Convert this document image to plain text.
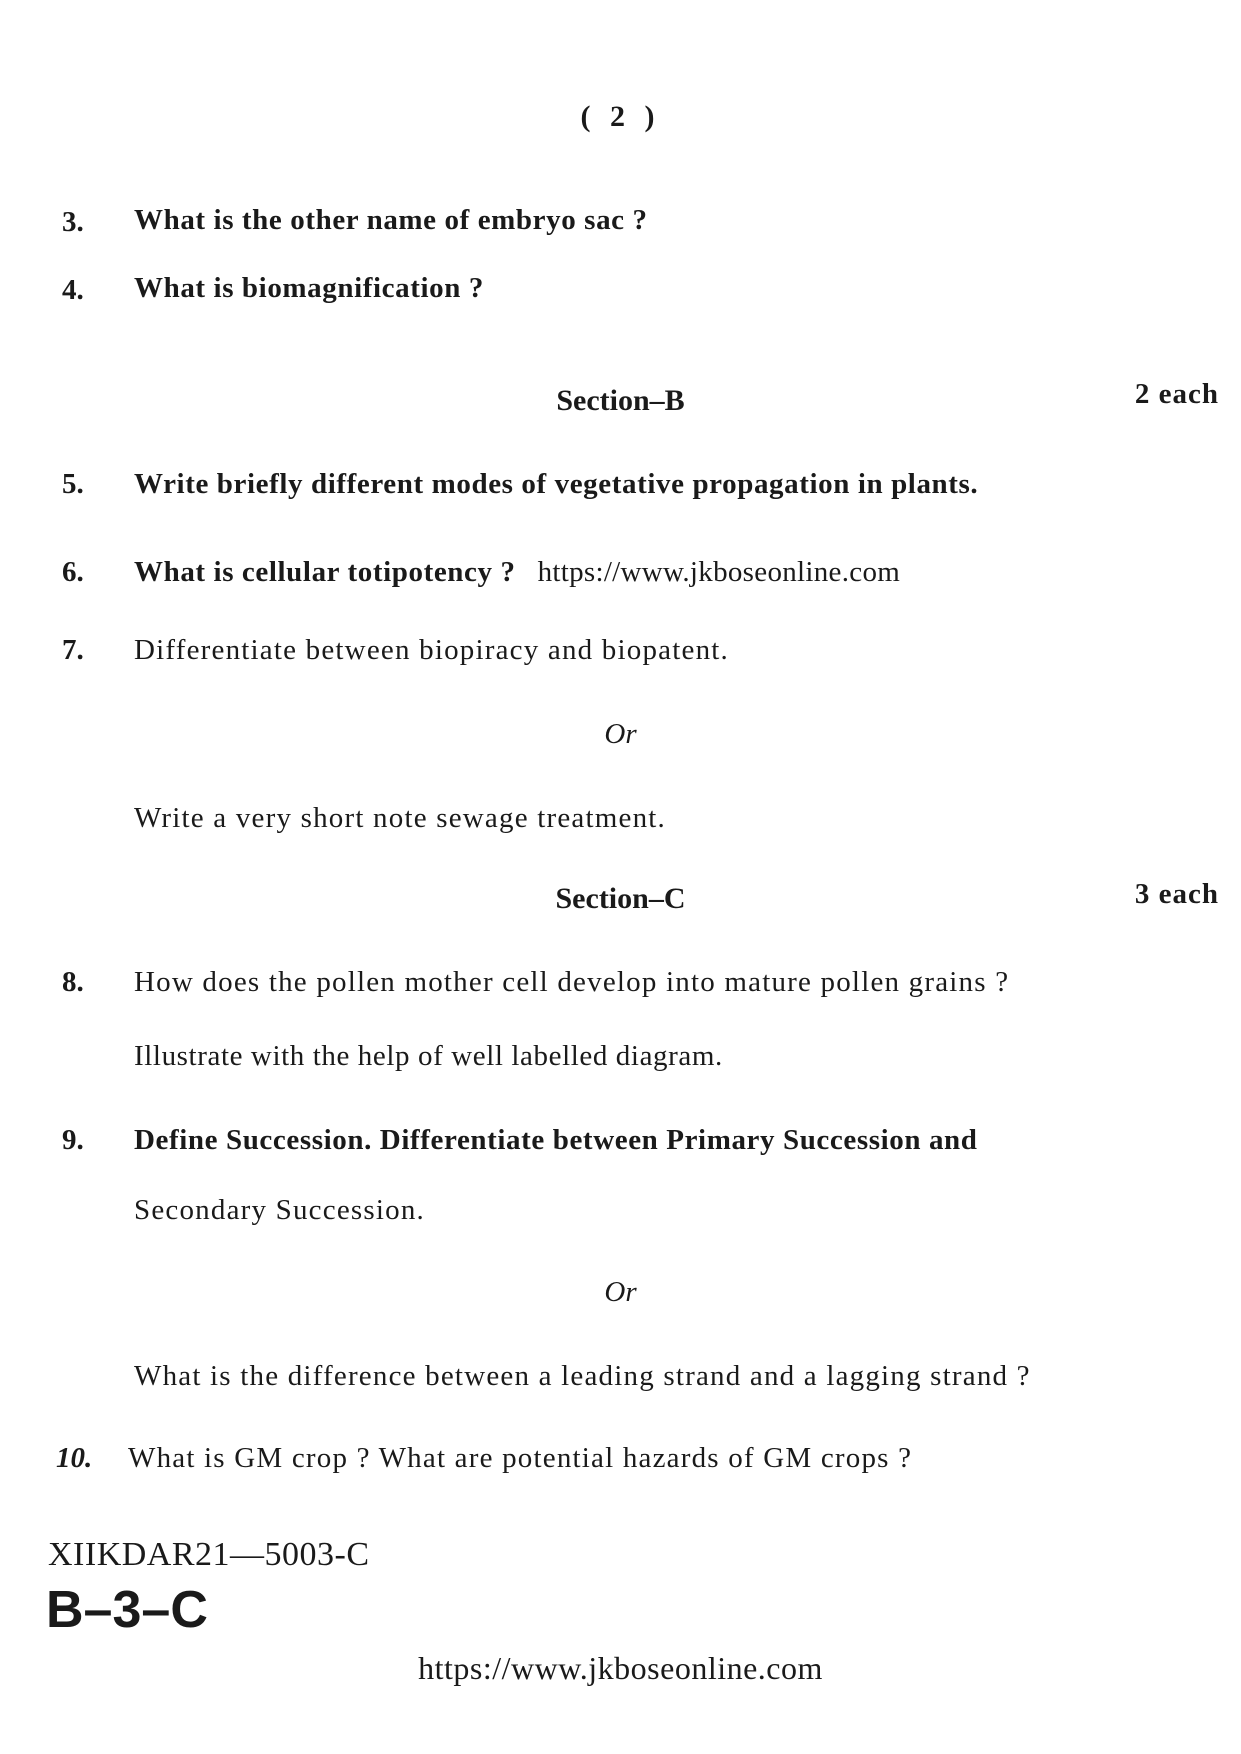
( 2 )
3. What is the other name of embryo sac ?
4. What is biomagnification ?
Section–B	2 each
5. Write briefly different modes of vegetative propagation in plants.
6. What is cellular totipotency ? https://www.jkboseonline.com
7. Differentiate between biopiracy and biopatent.
Or
Write a very short note sewage treatment.
Section–C	3 each
8. How does the pollen mother cell develop into mature pollen grains ?
Illustrate with the help of well labelled diagram.
9. Define Succession. Differentiate between Primary Succession and
Secondary Succession.
Or
What is the difference between a leading strand and a lagging strand ?
10. What is GM crop ? What are potential hazards of GM crops ?
XIIKDAR21—5003-C
B–3–C
https://www.jkboseonline.com
